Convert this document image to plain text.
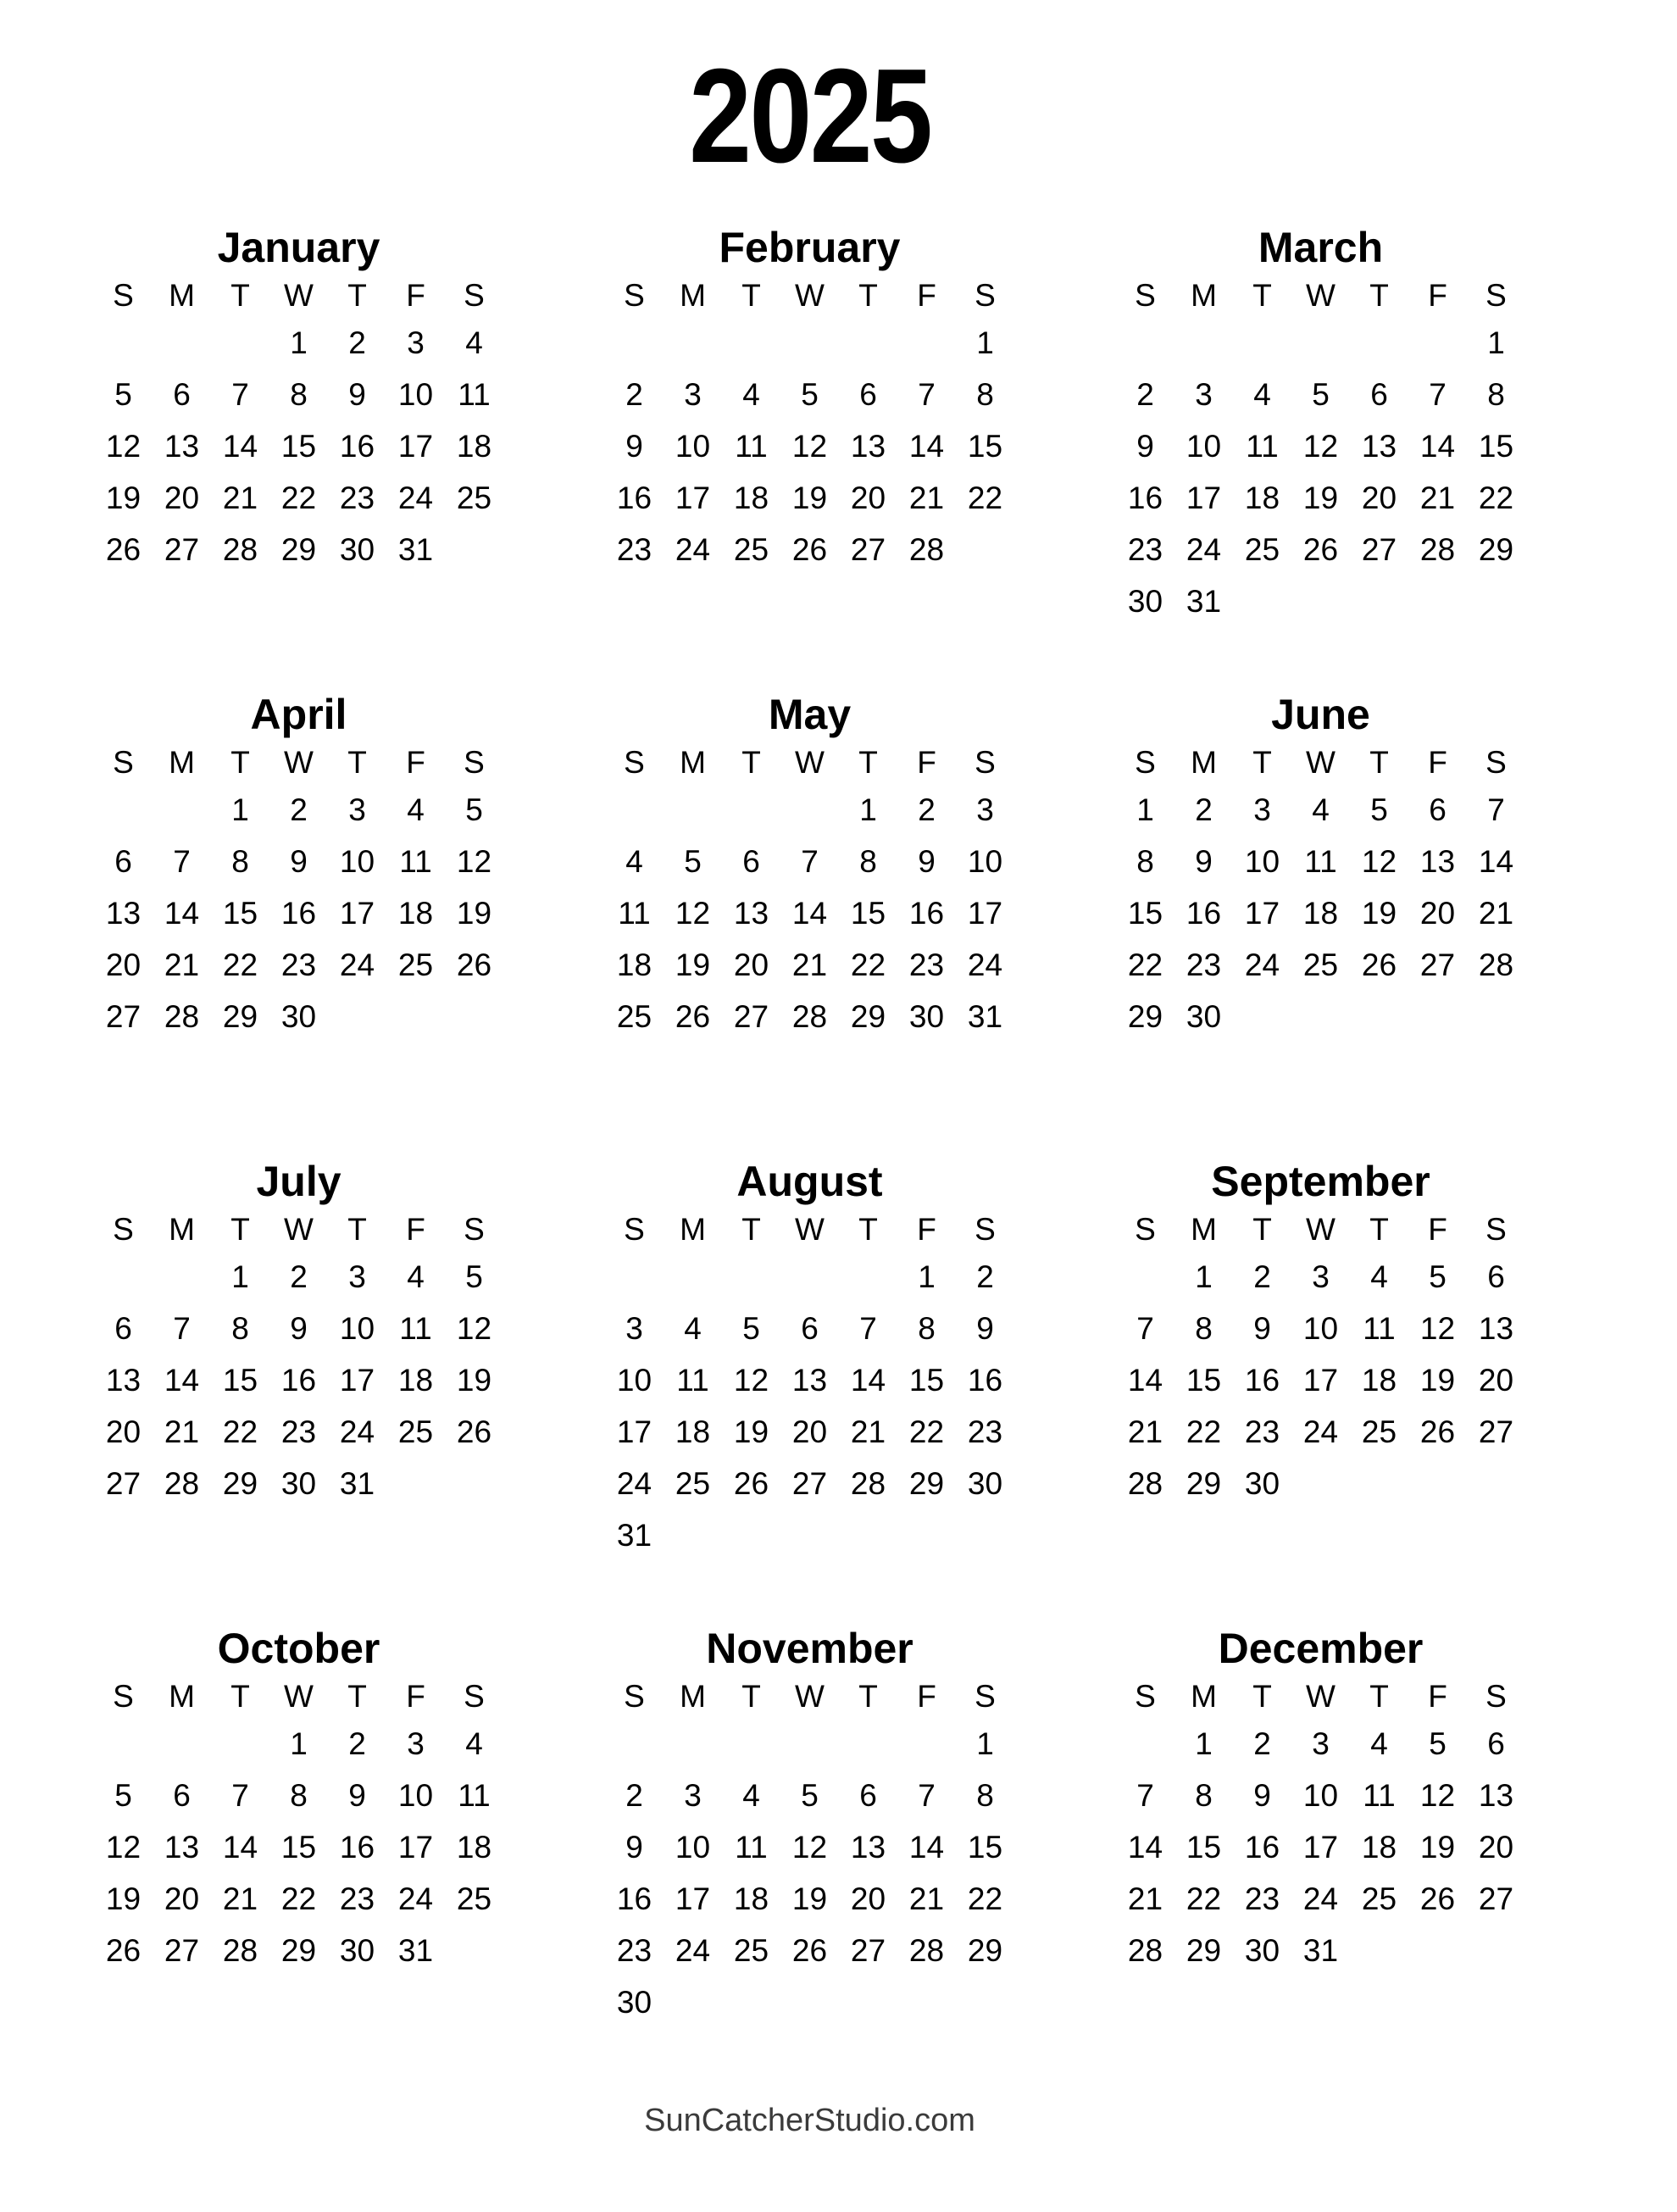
2025
January
S	M	T	W	T	F	S
			1	2	3	4
5	6	7	8	9	10	11
12	13	14	15	16	17	18
19	20	21	22	23	24	25
26	27	28	29	30	31	
February
S	M	T	W	T	F	S
						1
2	3	4	5	6	7	8
9	10	11	12	13	14	15
16	17	18	19	20	21	22
23	24	25	26	27	28	
March
S	M	T	W	T	F	S
						1
2	3	4	5	6	7	8
9	10	11	12	13	14	15
16	17	18	19	20	21	22
23	24	25	26	27	28	29
30	31					
April
S	M	T	W	T	F	S
		1	2	3	4	5
6	7	8	9	10	11	12
13	14	15	16	17	18	19
20	21	22	23	24	25	26
27	28	29	30			
May
S	M	T	W	T	F	S
				1	2	3
4	5	6	7	8	9	10
11	12	13	14	15	16	17
18	19	20	21	22	23	24
25	26	27	28	29	30	31
June
S	M	T	W	T	F	S
1	2	3	4	5	6	7
8	9	10	11	12	13	14
15	16	17	18	19	20	21
22	23	24	25	26	27	28
29	30					
July
S	M	T	W	T	F	S
		1	2	3	4	5
6	7	8	9	10	11	12
13	14	15	16	17	18	19
20	21	22	23	24	25	26
27	28	29	30	31		
August
S	M	T	W	T	F	S
					1	2
3	4	5	6	7	8	9
10	11	12	13	14	15	16
17	18	19	20	21	22	23
24	25	26	27	28	29	30
31						
September
S	M	T	W	T	F	S
	1	2	3	4	5	6
7	8	9	10	11	12	13
14	15	16	17	18	19	20
21	22	23	24	25	26	27
28	29	30				
October
S	M	T	W	T	F	S
			1	2	3	4
5	6	7	8	9	10	11
12	13	14	15	16	17	18
19	20	21	22	23	24	25
26	27	28	29	30	31	
November
S	M	T	W	T	F	S
						1
2	3	4	5	6	7	8
9	10	11	12	13	14	15
16	17	18	19	20	21	22
23	24	25	26	27	28	29
30						
December
S	M	T	W	T	F	S
	1	2	3	4	5	6
7	8	9	10	11	12	13
14	15	16	17	18	19	20
21	22	23	24	25	26	27
28	29	30	31			
SunCatcherStudio.com
